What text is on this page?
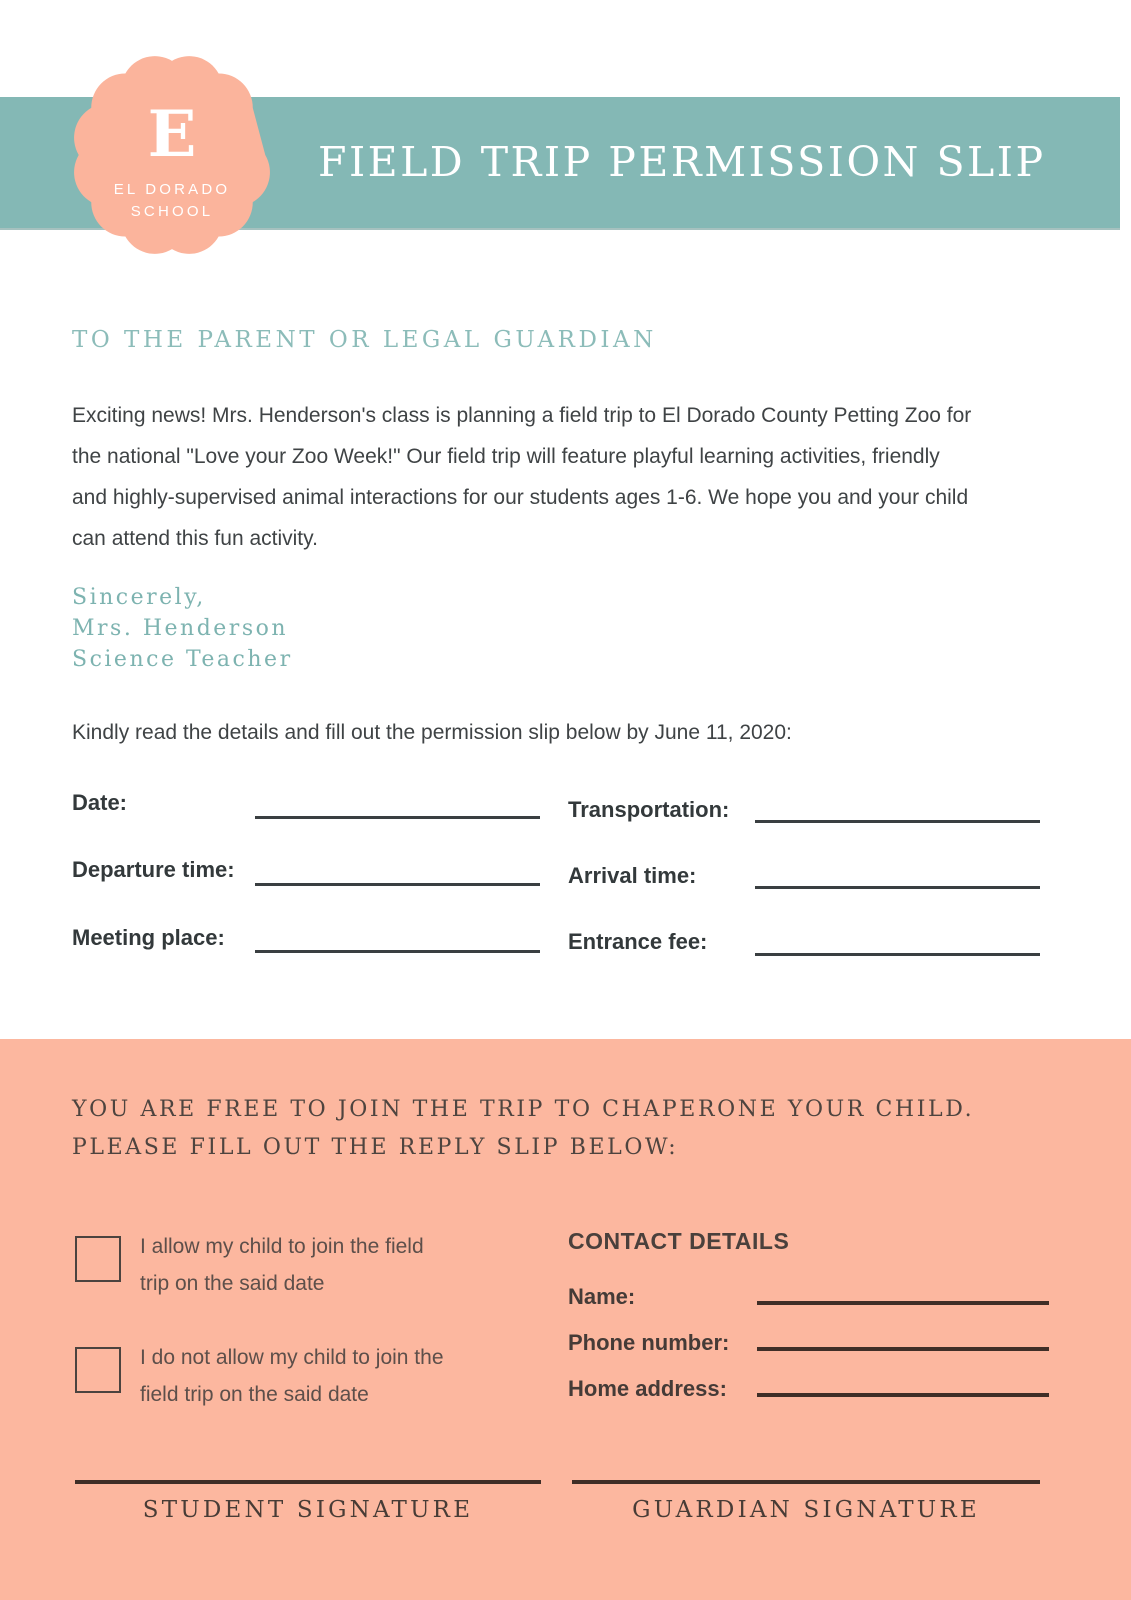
FIELD TRIP PERMISSION SLIP
E
EL DORADO
SCHOOL
TO THE PARENT OR LEGAL GUARDIAN
Exciting news! Mrs. Henderson's class is planning a field trip to El Dorado County Petting Zoo for
the national "Love your Zoo Week!" Our field trip will feature playful learning activities, friendly
and highly-supervised animal interactions for our students ages 1-6. We hope you and your child
can attend this fun activity.
Sincerely,
Mrs. Henderson
Science Teacher
Kindly read the details and fill out the permission slip below by June 11, 2020:
Date:
Departure time:
Meeting place:
Transportation:
Arrival time:
Entrance fee:
YOU ARE FREE TO JOIN THE TRIP TO CHAPERONE YOUR CHILD.
PLEASE FILL OUT THE REPLY SLIP BELOW:
I allow my child to join the field
trip on the said date
I do not allow my child to join the
field trip on the said date
CONTACT DETAILS
Name:
Phone number:
Home address:
STUDENT SIGNATURE	GUARDIAN SIGNATURE
